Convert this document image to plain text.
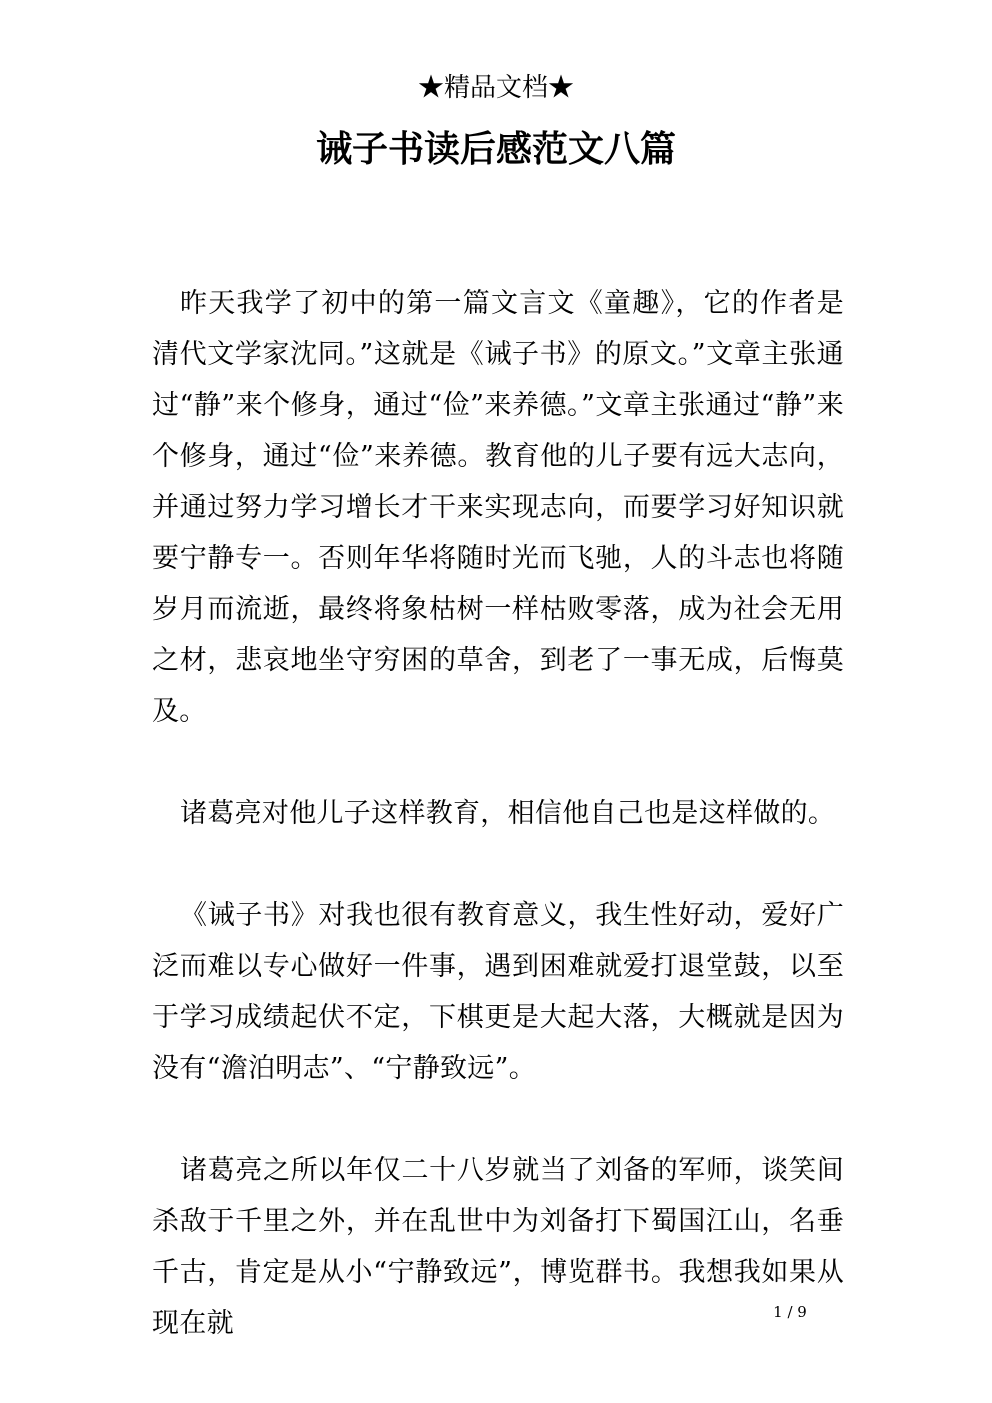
★精品文档★
诫子书读后感范文八篇

昨天我学了初中的第一篇文言文《童趣》，它的作者是清代文学家沈同。”这就是《诫子书》的原文。”文章主张通过“静”来个修身，通过“俭”来养德。”文章主张通过“静”来个修身，通过“俭”来养德。教育他的儿子要有远大志向，并通过努力学习增长才干来实现志向，而要学习好知识就要宁静专一。否则年华将随时光而飞驰，人的斗志也将随岁月而流逝，最终将象枯树一样枯败零落，成为社会无用之材，悲哀地坐守穷困的草舍，到老了一事无成，后悔莫及。

诸葛亮对他儿子这样教育，相信他自己也是这样做的。

《诫子书》对我也很有教育意义，我生性好动，爱好广泛而难以专心做好一件事，遇到困难就爱打退堂鼓，以至于学习成绩起伏不定，下棋更是大起大落，大概就是因为没有“澹泊明志”、“宁静致远”。

诸葛亮之所以年仅二十八岁就当了刘备的军师，谈笑间杀敌于千里之外，并在乱世中为刘备打下蜀国江山，名垂千古，肯定是从小“宁静致远”，博览群书。我想我如果从现在就	1 / 9
